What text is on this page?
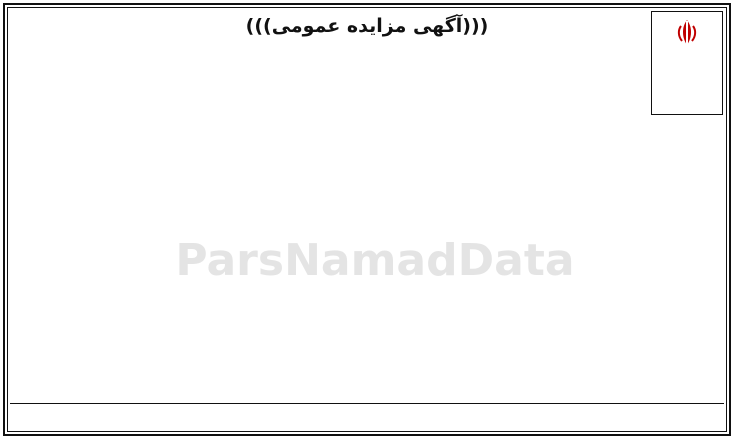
(((آگهی مزایده عمومی)))
ParsNamadData
